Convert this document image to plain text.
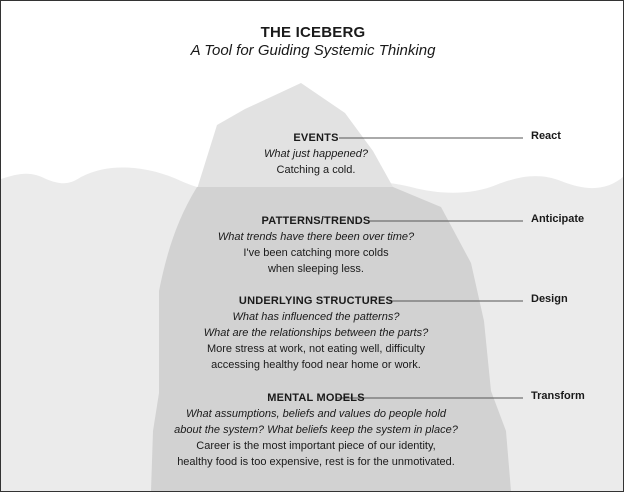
THE ICEBERG
A Tool for Guiding Systemic Thinking
EVENTS
What just happened?
Catching a cold.
React
PATTERNS/TRENDS
What trends have there been over time?
I've been catching more colds
when sleeping less.
Anticipate
UNDERLYING STRUCTURES
What has influenced the patterns?
What are the relationships between the parts?
More stress at work, not eating well, difficulty
accessing healthy food near home or work.
Design
MENTAL MODELS
What assumptions, beliefs and values do people hold
about the system? What beliefs keep the system in place?
Career is the most important piece of our identity,
healthy food is too expensive, rest is for the unmotivated.
Transform
